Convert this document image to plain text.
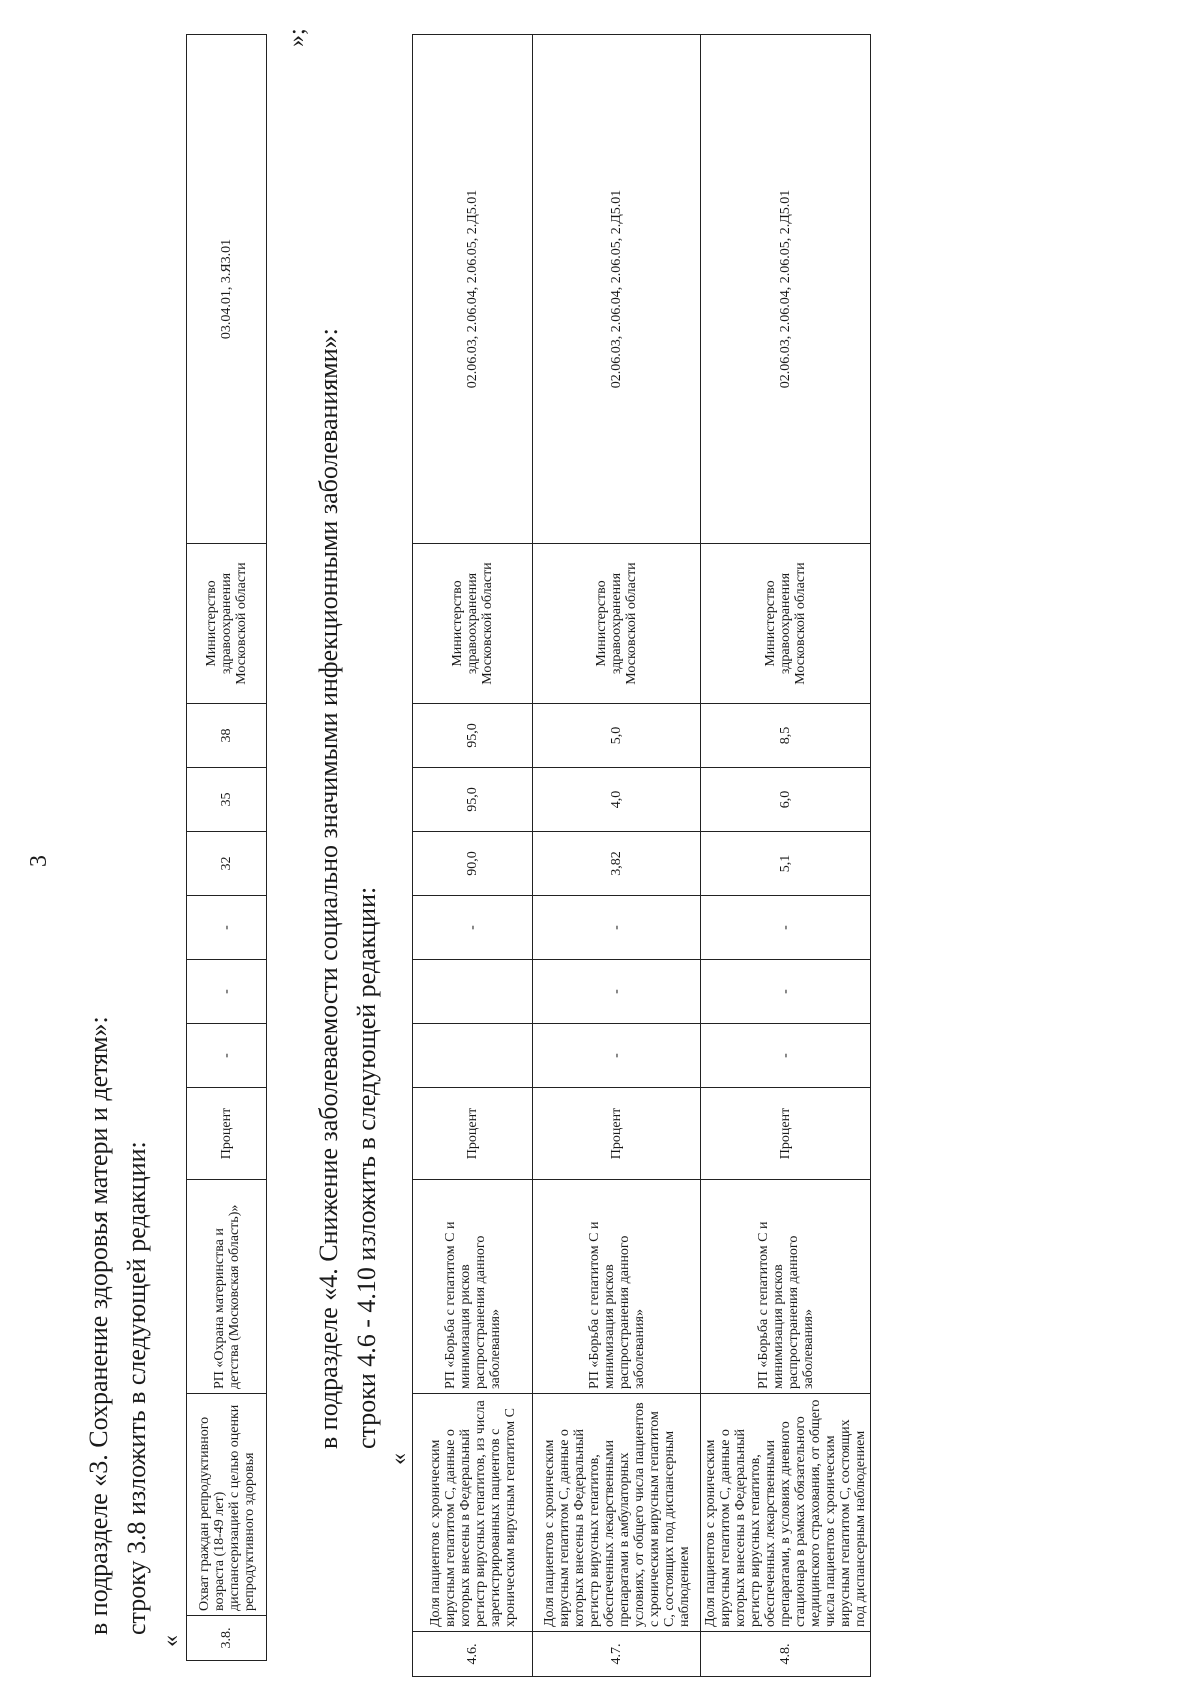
3
в подразделе «3. Сохранение здоровья матери и детям»: строку 3.8 изложить в следующей редакции:
«	3.8.	Охват граждан репродуктивного возраста (18-49 лет) диспансеризацией с целью оценки репродуктивного здоровья	РП «Охрана материнства и детства (Московская область)»	Процент	-	-	-	32	35	38	Министерство здравоохранения Московской области	03.04.01, 3.Я3.01
»;
в подразделе «4. Снижение заболеваемости социально значимыми инфекционными заболеваниями»: строки 4.6 - 4.10 изложить в следующей редакции:
«
4.6.	Доля пациентов с хроническим вирусным гепатитом С, данные о которых внесены в Федеральный регистр вирусных гепатитов, из числа зарегистрированных пациентов с хроническим вирусным гепатитом С	РП «Борьба с гепатитом С и минимизация рисков распространения данного заболевания»	Процент			-	90,0	95,0	95,0	Министерство здравоохранения Московской области	02.06.03, 2.06.04, 2.06.05, 2.Д5.01
4.7.	Доля пациентов с хроническим вирусным гепатитом С, данные о которых внесены в Федеральный регистр вирусных гепатитов, обеспеченных лекарственными препаратами в амбулаторных условиях, от общего числа пациентов с хроническим вирусным гепатитом С, состоящих под диспансерным наблюдением	РП «Борьба с гепатитом С и минимизация рисков распространения данного заболевания»	Процент	-	-	-	3,82	4,0	5,0	Министерство здравоохранения Московской области	02.06.03, 2.06.04, 2.06.05, 2.Д5.01
4.8.	Доля пациентов с хроническим вирусным гепатитом С, данные о которых внесены в Федеральный регистр вирусных гепатитов, обеспеченных лекарственными препаратами, в условиях дневного стационара в рамках обязательного медицинского страхования, от общего числа пациентов с хроническим вирусным гепатитом С, состоящих под диспансерным наблюдением	РП «Борьба с гепатитом С и минимизация рисков распространения данного заболевания»	Процент	-	-	-	5,1	6,0	8,5	Министерство здравоохранения Московской области	02.06.03, 2.06.04, 2.06.05, 2.Д5.01
